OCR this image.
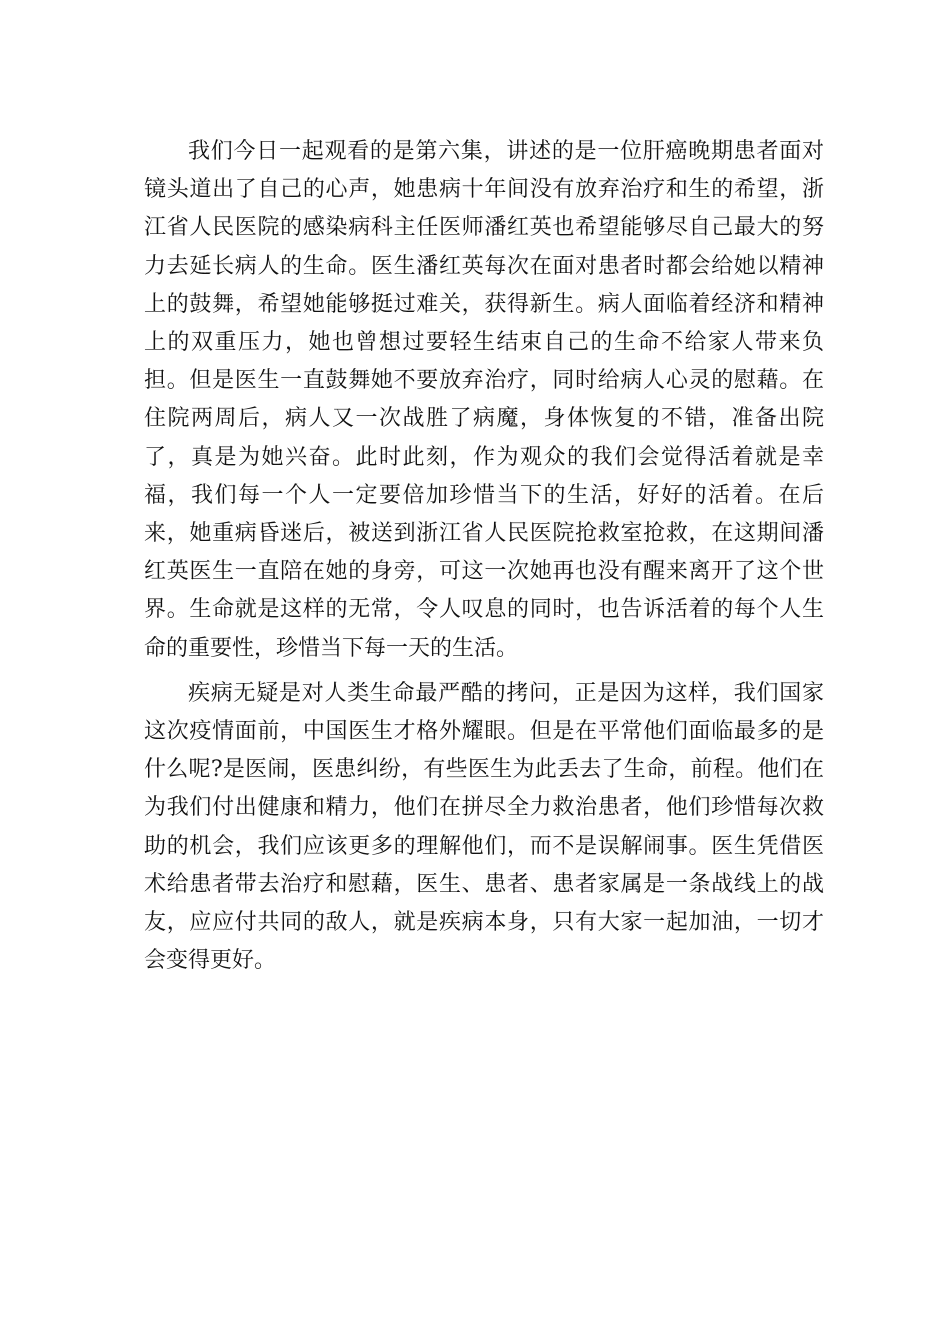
我们今日一起观看的是第六集，讲述的是一位肝癌晚期患者面对镜头道出了自己的心声，她患病十年间没有放弃治疗和生的希望，浙江省人民医院的感染病科主任医师潘红英也希望能够尽自己最大的努力去延长病人的生命。医生潘红英每次在面对患者时都会给她以精神上的鼓舞，希望她能够挺过难关，获得新生。病人面临着经济和精神上的双重压力，她也曾想过要轻生结束自己的生命不给家人带来负担。但是医生一直鼓舞她不要放弃治疗，同时给病人心灵的慰藉。在住院两周后，病人又一次战胜了病魔，身体恢复的不错，准备出院了，真是为她兴奋。此时此刻，作为观众的我们会觉得活着就是幸福，我们每一个人一定要倍加珍惜当下的生活，好好的活着。在后来，她重病昏迷后，被送到浙江省人民医院抢救室抢救，在这期间潘红英医生一直陪在她的身旁，可这一次她再也没有醒来离开了这个世界。生命就是这样的无常，令人叹息的同时，也告诉活着的每个人生命的重要性，珍惜当下每一天的生活。

疾病无疑是对人类生命最严酷的拷问，正是因为这样，我们国家这次疫情面前，中国医生才格外耀眼。但是在平常他们面临最多的是什么呢?是医闹，医患纠纷，有些医生为此丢去了生命，前程。他们在为我们付出健康和精力，他们在拼尽全力救治患者，他们珍惜每次救助的机会，我们应该更多的理解他们，而不是误解闹事。医生凭借医术给患者带去治疗和慰藉，医生、患者、患者家属是一条战线上的战友，应应付共同的敌人，就是疾病本身，只有大家一起加油，一切才会变得更好。
